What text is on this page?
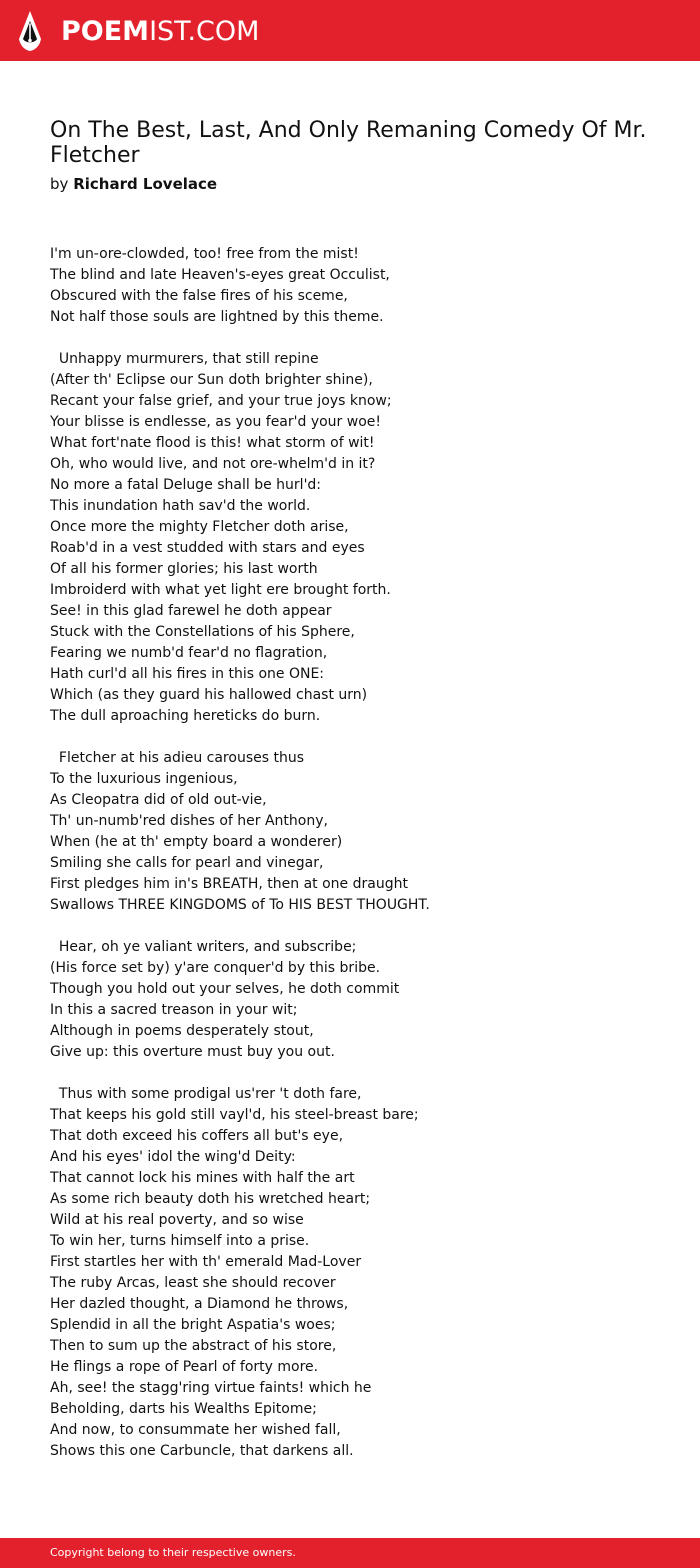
POEMIST.COM
On The Best, Last, And Only Remaning Comedy Of Mr. Fletcher
by Richard Lovelace
I'm un-ore-clowded, too! free from the mist!
The blind and late Heaven's-eyes great Occulist,
Obscured with the false fires of his sceme,
Not half those souls are lightned by this theme.
Unhappy murmurers, that still repine
(After th' Eclipse our Sun doth brighter shine),
Recant your false grief, and your true joys know;
Your blisse is endlesse, as you fear'd your woe!
What fort'nate flood is this! what storm of wit!
Oh, who would live, and not ore-whelm'd in it?
No more a fatal Deluge shall be hurl'd:
This inundation hath sav'd the world.
Once more the mighty Fletcher doth arise,
Roab'd in a vest studded with stars and eyes
Of all his former glories; his last worth
Imbroiderd with what yet light ere brought forth.
See! in this glad farewel he doth appear
Stuck with the Constellations of his Sphere,
Fearing we numb'd fear'd no flagration,
Hath curl'd all his fires in this one ONE:
Which (as they guard his hallowed chast urn)
The dull aproaching hereticks do burn.
Fletcher at his adieu carouses thus
To the luxurious ingenious,
As Cleopatra did of old out-vie,
Th' un-numb'red dishes of her Anthony,
When (he at th' empty board a wonderer)
Smiling she calls for pearl and vinegar,
First pledges him in's BREATH, then at one draught
Swallows THREE KINGDOMS of To HIS BEST THOUGHT.
Hear, oh ye valiant writers, and subscribe;
(His force set by) y'are conquer'd by this bribe.
Though you hold out your selves, he doth commit
In this a sacred treason in your wit;
Although in poems desperately stout,
Give up: this overture must buy you out.
Thus with some prodigal us'rer 't doth fare,
That keeps his gold still vayl'd, his steel-breast bare;
That doth exceed his coffers all but's eye,
And his eyes' idol the wing'd Deity:
That cannot lock his mines with half the art
As some rich beauty doth his wretched heart;
Wild at his real poverty, and so wise
To win her, turns himself into a prise.
First startles her with th' emerald Mad-Lover
The ruby Arcas, least she should recover
Her dazled thought, a Diamond he throws,
Splendid in all the bright Aspatia's woes;
Then to sum up the abstract of his store,
He flings a rope of Pearl of forty more.
Ah, see! the stagg'ring virtue faints! which he
Beholding, darts his Wealths Epitome;
And now, to consummate her wished fall,
Shows this one Carbuncle, that darkens all.
Copyright belong to their respective owners.
